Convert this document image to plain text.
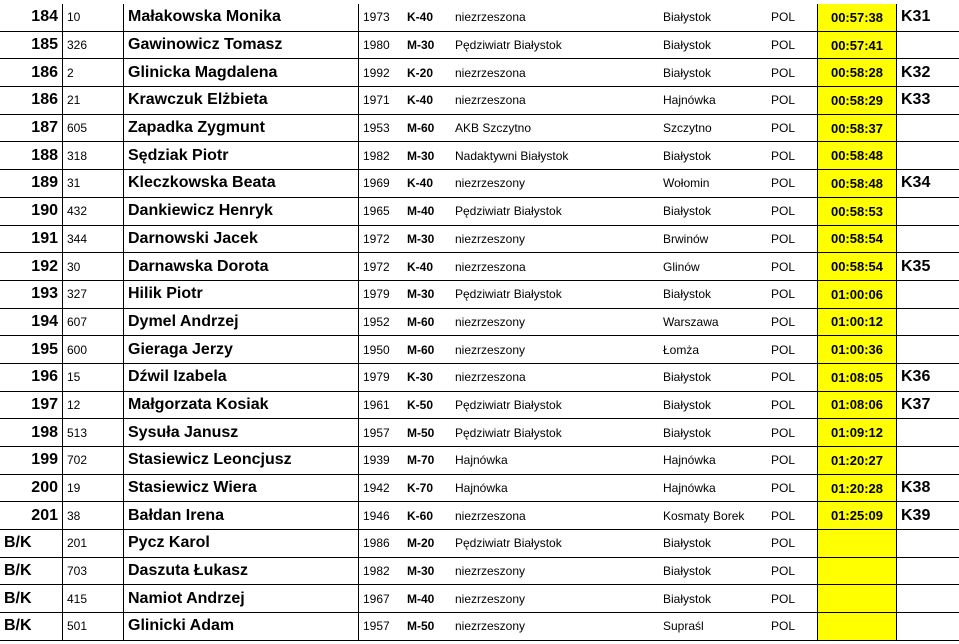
184	10	Małakowska Monika	1973	K-40	niezrzeszona	Białystok	POL	00:57:38	K31
185	326	Gawinowicz Tomasz	1980	M-30	Pędziwiatr Białystok	Białystok	POL	00:57:41	
186	2	Glinicka Magdalena	1992	K-20	niezrzeszona	Białystok	POL	00:58:28	K32
186	21	Krawczuk Elżbieta	1971	K-40	niezrzeszona	Hajnówka	POL	00:58:29	K33
187	605	Zapadka Zygmunt	1953	M-60	AKB Szczytno	Szczytno	POL	00:58:37	
188	318	Sędziak Piotr	1982	M-30	Nadaktywni Białystok	Białystok	POL	00:58:48	
189	31	Kleczkowska Beata	1969	K-40	niezrzeszony	Wołomin	POL	00:58:48	K34
190	432	Dankiewicz Henryk	1965	M-40	Pędziwiatr Białystok	Białystok	POL	00:58:53	
191	344	Darnowski Jacek	1972	M-30	niezrzeszony	Brwinów	POL	00:58:54	
192	30	Darnawska Dorota	1972	K-40	niezrzeszona	Glinów	POL	00:58:54	K35
193	327	Hilik Piotr	1979	M-30	Pędziwiatr Białystok	Białystok	POL	01:00:06	
194	607	Dymel Andrzej	1952	M-60	niezrzeszony	Warszawa	POL	01:00:12	
195	600	Gieraga Jerzy	1950	M-60	niezrzeszony	Łomża	POL	01:00:36	
196	15	Dźwil Izabela	1979	K-30	niezrzeszona	Białystok	POL	01:08:05	K36
197	12	Małgorzata Kosiak	1961	K-50	Pędziwiatr Białystok	Białystok	POL	01:08:06	K37
198	513	Sysuła Janusz	1957	M-50	Pędziwiatr Białystok	Białystok	POL	01:09:12	
199	702	Stasiewicz Leoncjusz	1939	M-70	Hajnówka	Hajnówka	POL	01:20:27	
200	19	Stasiewicz Wiera	1942	K-70	Hajnówka	Hajnówka	POL	01:20:28	K38
201	38	Bałdan Irena	1946	K-60	niezrzeszona	Kosmaty Borek	POL	01:25:09	K39
B/K	201	Pycz Karol	1986	M-20	Pędziwiatr Białystok	Białystok	POL		
B/K	703	Daszuta Łukasz	1982	M-30	niezrzeszony	Białystok	POL		
B/K	415	Namiot Andrzej	1967	M-40	niezrzeszony	Białystok	POL		
B/K	501	Glinicki Adam	1957	M-50	niezrzeszony	Supraśl	POL		
